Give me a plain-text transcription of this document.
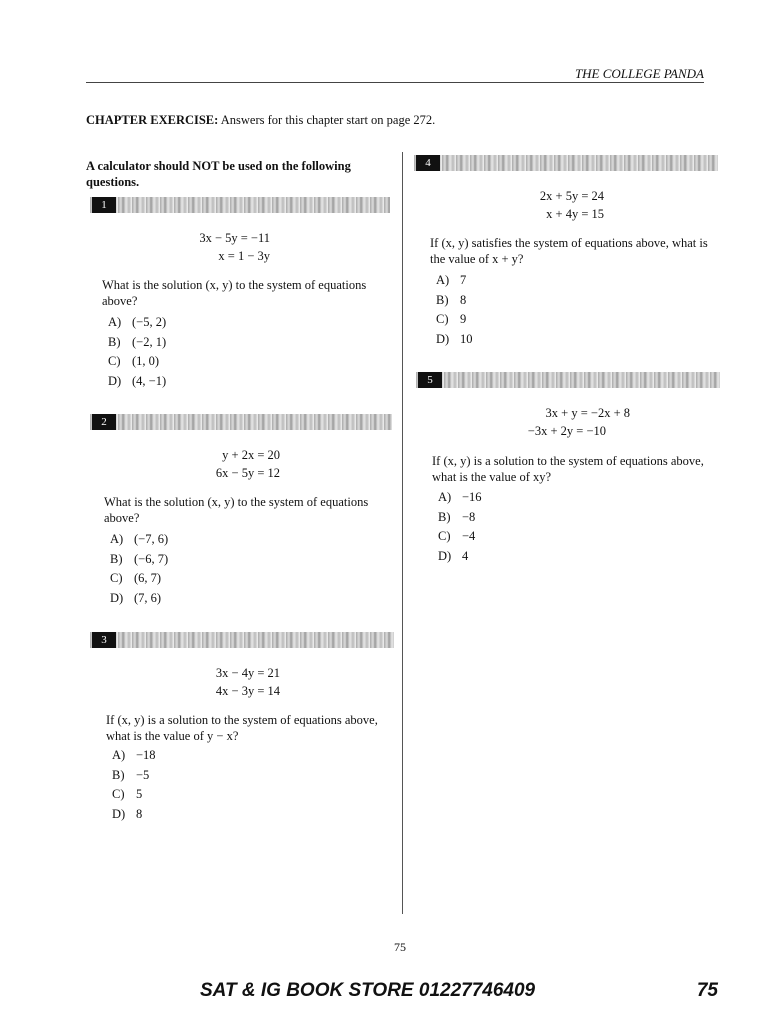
THE COLLEGE PANDA
CHAPTER EXERCISE: Answers for this chapter start on page 272.
A calculator should NOT be used on the following questions.
1
3x − 5y = −11
x = 1 − 3y
What is the solution (x, y) to the system of equations above?
A) (−5, 2)
B) (−2, 1)
C) (1, 0)
D) (4, −1)
2
y + 2x = 20
6x − 5y = 12
What is the solution (x, y) to the system of equations above?
A) (−7, 6)
B) (−6, 7)
C) (6, 7)
D) (7, 6)
3
3x − 4y = 21
4x − 3y = 14
If (x, y) is a solution to the system of equations above, what is the value of y − x?
A) −18
B) −5
C) 5
D) 8
4
2x + 5y = 24
x + 4y = 15
If (x, y) satisfies the system of equations above, what is the value of x + y?
A) 7
B) 8
C) 9
D) 10
5
3x + y = −2x + 8
−3x + 2y = −10
If (x, y) is a solution to the system of equations above, what is the value of xy?
A) −16
B) −8
C) −4
D) 4
75
SAT & IG BOOK STORE 01227746409	75
